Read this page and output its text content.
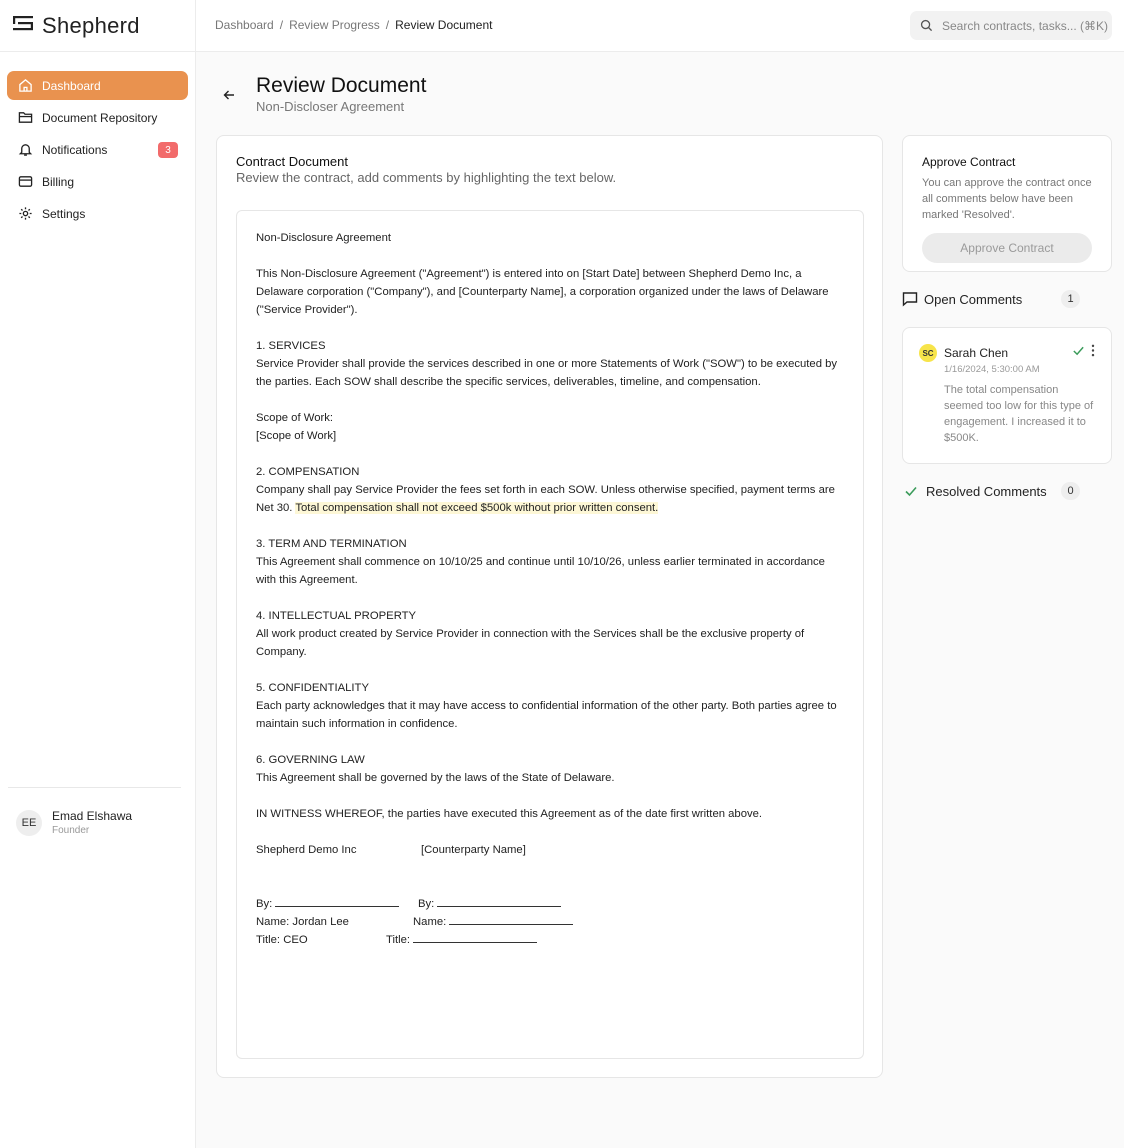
Shepherd
Dashboard
Document Repository
Notifications	3
Billing
Settings
EE	Emad Elshawa
Founder
Dashboard / Review Progress / Review Document	Search contracts, tasks... (⌘K)
Review Document
Non-Discloser Agreement
Contract Document
Review the contract, add comments by highlighting the text below.
Non-Disclosure Agreement
This Non-Disclosure Agreement ("Agreement") is entered into on [Start Date] between Shepherd Demo Inc, a Delaware corporation ("Company"), and [Counterparty Name], a corporation organized under the laws of Delaware ("Service Provider").
1. SERVICES
Service Provider shall provide the services described in one or more Statements of Work ("SOW") to be executed by the parties. Each SOW shall describe the specific services, deliverables, timeline, and compensation.
Scope of Work:
[Scope of Work]
2. COMPENSATION
Company shall pay Service Provider the fees set forth in each SOW. Unless otherwise specified, payment terms are Net 30. Total compensation shall not exceed $500k without prior written consent.
3. TERM AND TERMINATION
This Agreement shall commence on 10/10/25 and continue until 10/10/26, unless earlier terminated in accordance with this Agreement.
4. INTELLECTUAL PROPERTY
All work product created by Service Provider in connection with the Services shall be the exclusive property of Company.
5. CONFIDENTIALITY
Each party acknowledges that it may have access to confidential information of the other party. Both parties agree to maintain such information in confidence.
6. GOVERNING LAW
This Agreement shall be governed by the laws of the State of Delaware.
IN WITNESS WHEREOF, the parties have executed this Agreement as of the date first written above.
Shepherd Demo Inc	[Counterparty Name]
By:	By:
Name: Jordan Lee	Name:
Title: CEO	Title:
Approve Contract
You can approve the contract once all comments below have been marked 'Resolved'.
Approve Contract
Open Comments	1
SC Sarah Chen
1/16/2024, 5:30:00 AM
The total compensation seemed too low for this type of engagement. I increased it to $500K.
Resolved Comments	0
